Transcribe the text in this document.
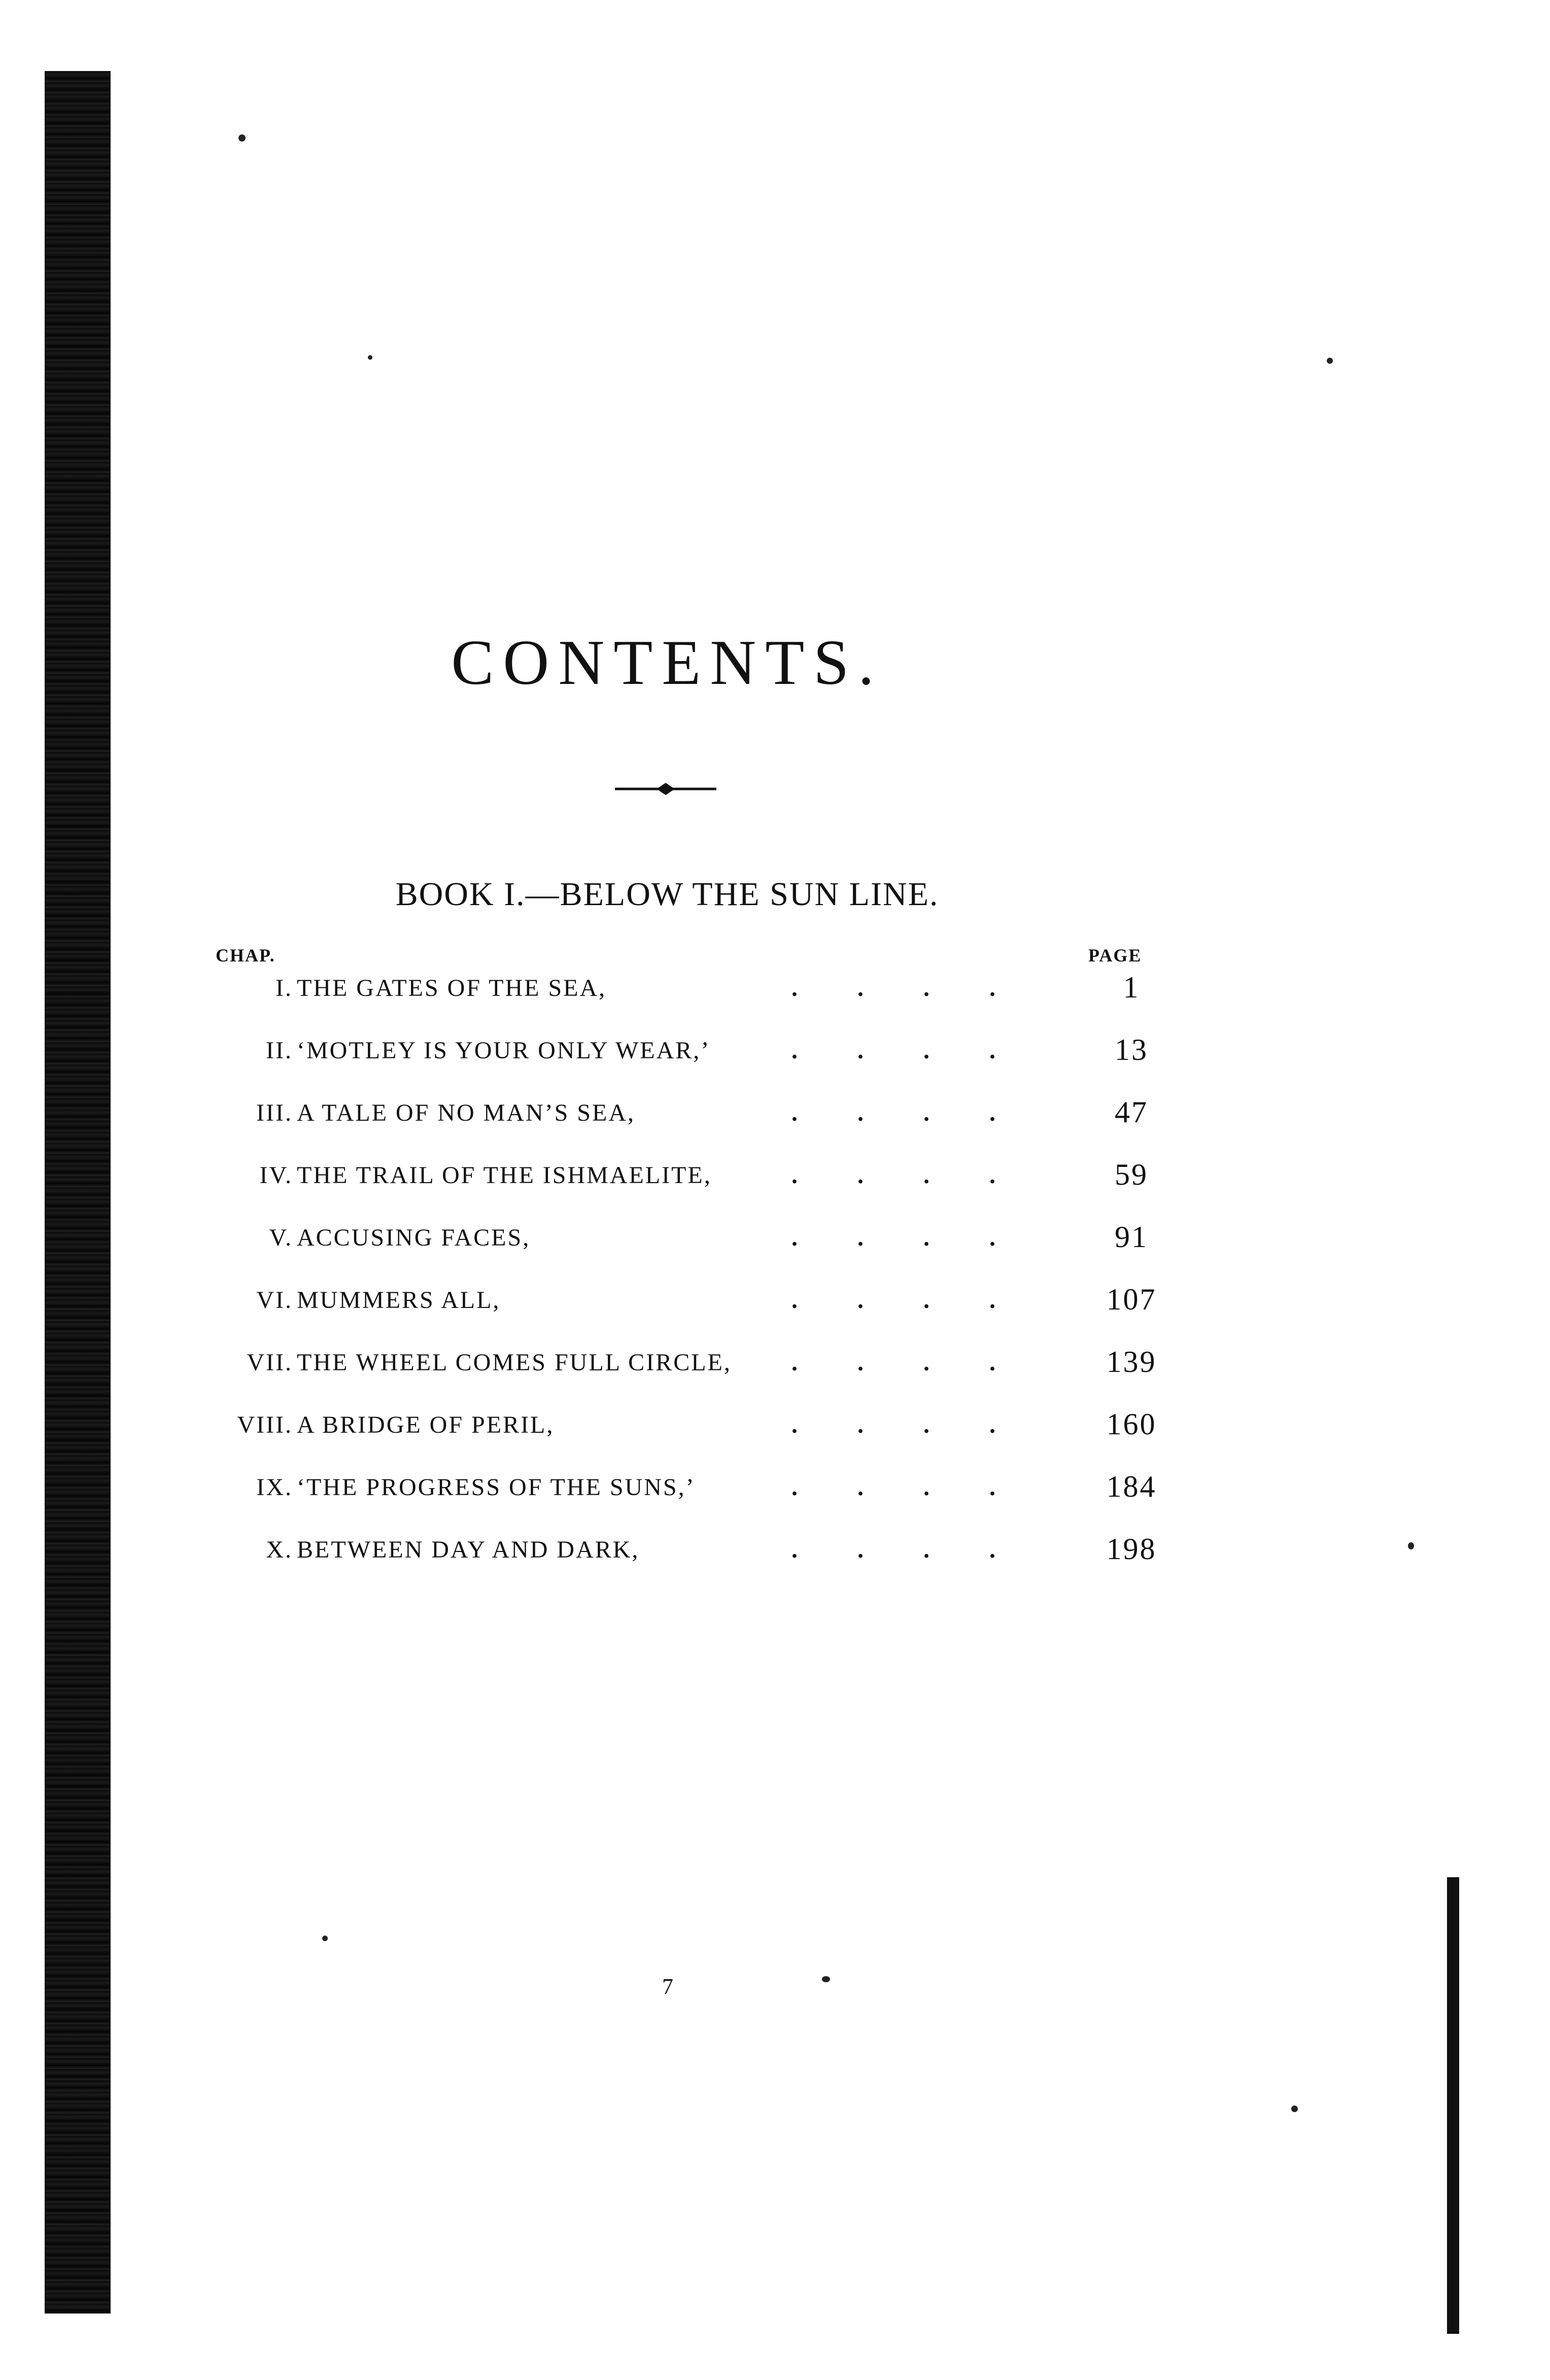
CONTENTS.
BOOK I.—BELOW THE SUN LINE.
CHAP.	PAGE
I. THE GATES OF THE SEA,	. . . .	1
II. ‘MOTLEY IS YOUR ONLY WEAR,’	. . . .	13
III. A TALE OF NO MAN’S SEA,	. . . .	47
IV. THE TRAIL OF THE ISHMAELITE,	. . . .	59
V. ACCUSING FACES,	. . . .	91
VI. MUMMERS ALL,	. . . .	107
VII. THE WHEEL COMES FULL CIRCLE, . . . .	139
VIII. A BRIDGE OF PERIL,	. . . .	160
IX. ‘THE PROGRESS OF THE SUNS,’	. . . .	184
X. BETWEEN DAY AND DARK,	. . . .	198
7
